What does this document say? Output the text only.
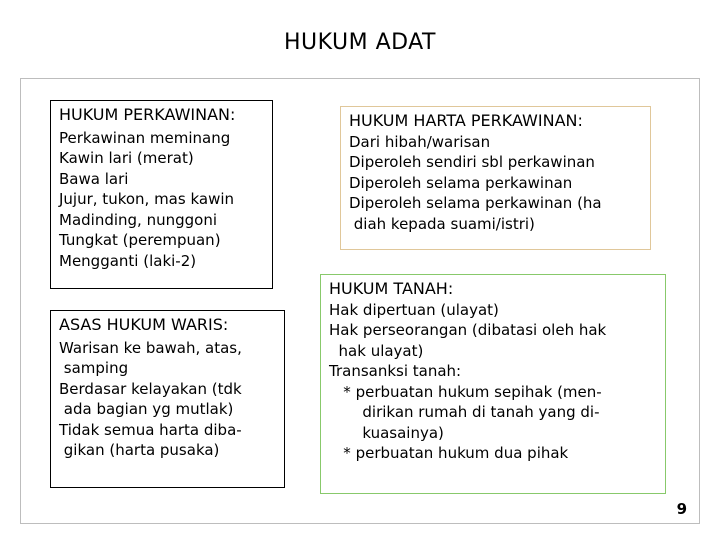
HUKUM ADAT
HUKUM PERKAWINAN:
Perkawinan meminang
Kawin lari (merat)
Bawa lari
Jujur, tukon, mas kawin
Madinding, nunggoni
Tungkat (perempuan)
Mengganti (laki-2)
HUKUM HARTA PERKAWINAN:
Dari hibah/warisan
Diperoleh sendiri sbl perkawinan
Diperoleh selama perkawinan
Diperoleh selama perkawinan (ha
diah kepada suami/istri)
ASAS HUKUM WARIS:
Warisan ke bawah, atas,
samping
Berdasar kelayakan (tdk
ada bagian yg mutlak)
Tidak semua harta diba-
gikan (harta pusaka)
HUKUM TANAH:
Hak dipertuan (ulayat)
Hak perseorangan (dibatasi oleh hak
hak ulayat)
Transanksi tanah:
* perbuatan hukum sepihak (men-
dirikan rumah di tanah yang di-
kuasainya)
* perbuatan hukum dua pihak
9
